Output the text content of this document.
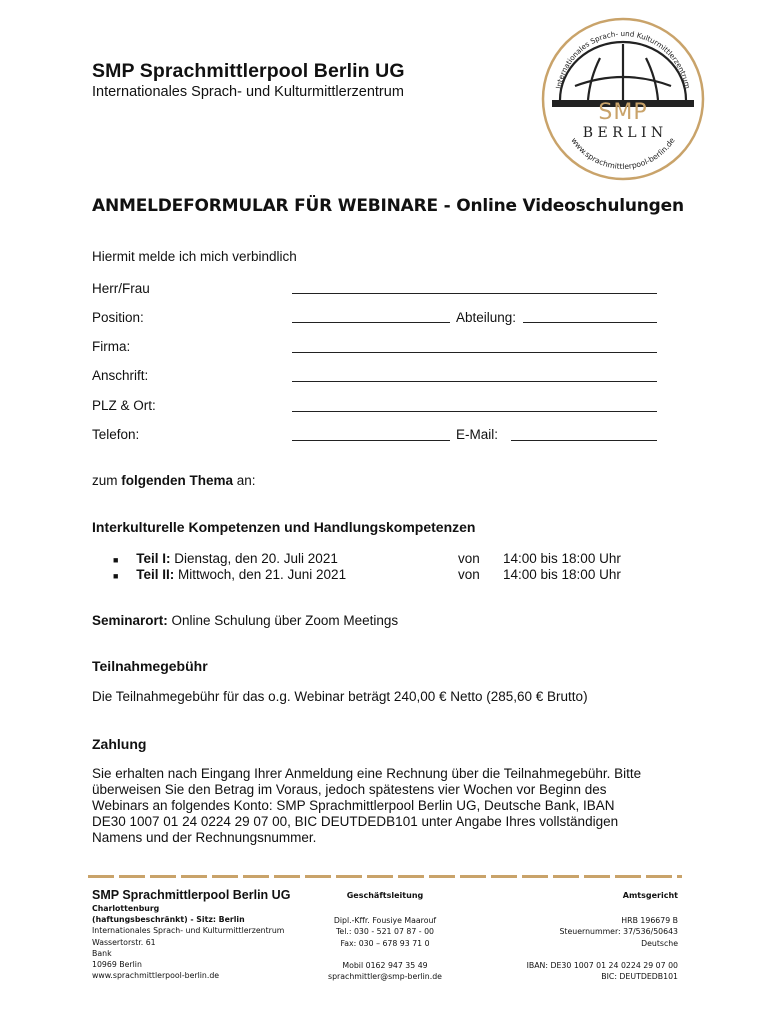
SMP Sprachmittlerpool Berlin UG
Internationales Sprach- und Kulturmittlerzentrum	Internationales Sprach- und Kulturmittlerzentrum
www.sprachmittlerpool-berlin.de
SMP
B E R L I N
ANMELDEFORMULAR FÜR WEBINARE - Online Videoschulungen
Hiermit melde ich mich verbindlich
Herr/Frau
Position:	Abteilung:
Firma:
Anschrift:
PLZ & Ort:
Telefon:	E-Mail:
zum folgenden Thema an:
Interkulturelle Kompetenzen und Handlungskompetenzen
■ Teil I: Dienstag, den 20. Juli 2021	von 14:00 bis 18:00 Uhr
■ Teil II: Mittwoch, den 21. Juni 2021	von 14:00 bis 18:00 Uhr
Seminarort: Online Schulung über Zoom Meetings
Teilnahmegebühr
Die Teilnahmegebühr für das o.g. Webinar beträgt 240,00 € Netto (285,60 € Brutto)
Zahlung
Sie erhalten nach Eingang Ihrer Anmeldung eine Rechnung über die Teilnahmegebühr. Bitte
überweisen Sie den Betrag im Voraus, jedoch spätestens vier Wochen vor Beginn des
Webinars an folgendes Konto: SMP Sprachmittlerpool Berlin UG, Deutsche Bank, IBAN
DE30 1007 01 24 0224 29 07 00, BIC DEUTDEDB101 unter Angabe Ihres vollständigen
Namens und der Rechnungsnummer.
SMP Sprachmittlerpool Berlin UG
Charlottenburg
(haftungsbeschränkt) - Sitz: Berlin
Internationales Sprach- und Kulturmittlerzentrum
Wassertorstr. 61
Bank
10969 Berlin
www.sprachmittlerpool-berlin.de
Geschäftsleitung
Dipl.-Kffr. Fousiye Maarouf
Tel.: 030 - 521 07 87 - 00
Fax: 030 – 678 93 71 0
Mobil 0162 947 35 49
sprachmittler@smp-berlin.de
Amtsgericht
HRB 196679 B
Steuernummer: 37/536/50643
Deutsche
IBAN: DE30 1007 01 24 0224 29 07 00
BIC: DEUTDEDB101
